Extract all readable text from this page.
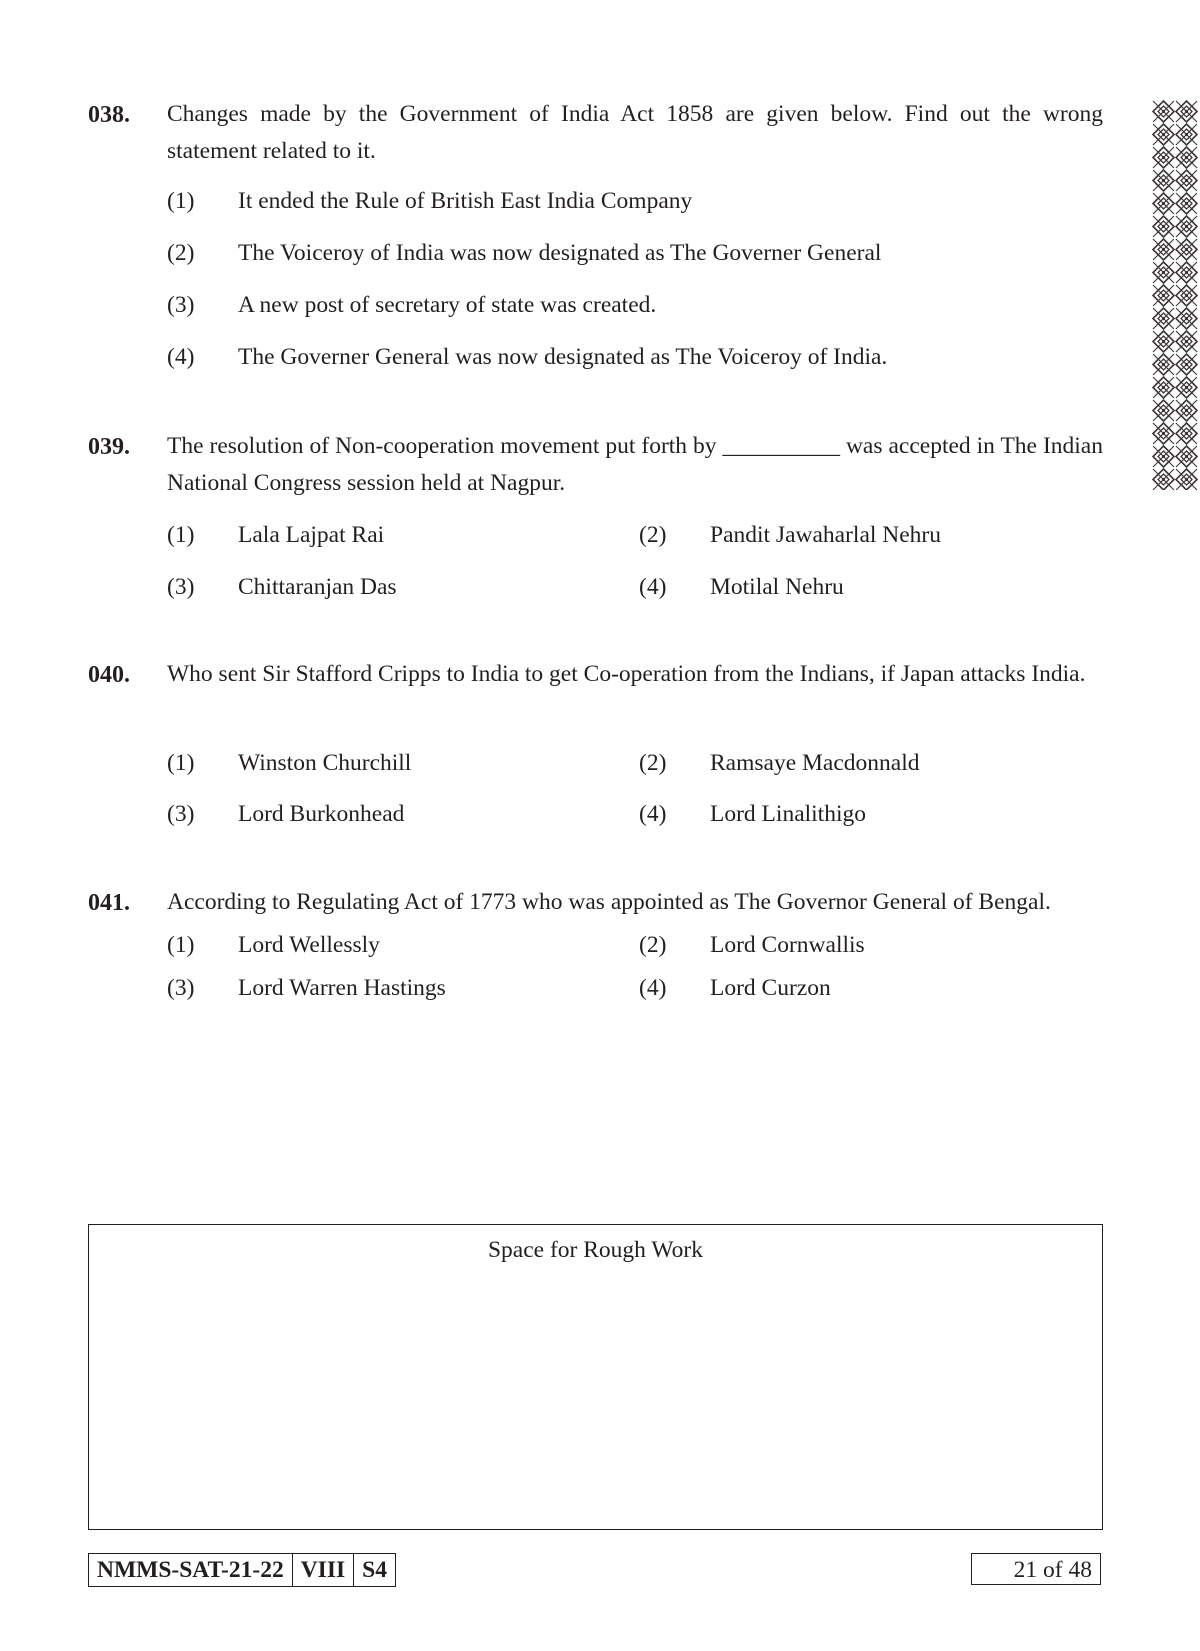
038. Changes made by the Government of India Act 1858 are given below. Find out the wrong statement related to it.
(1) It ended the Rule of British East India Company
(2) The Voiceroy of India was now designated as The Governer General
(3) A new post of secretary of state was created.
(4) The Governer General was now designated as The Voiceroy of India.
039. The resolution of Non-cooperation movement put forth by __________ was accepted in The Indian National Congress session held at Nagpur.
(1) Lala Lajpat Rai	(2) Pandit Jawaharlal Nehru
(3) Chittaranjan Das	(4) Motilal Nehru
040. Who sent Sir Stafford Cripps to India to get Co-operation from the Indians, if Japan attacks India.
(1) Winston Churchill	(2) Ramsaye Macdonnald
(3) Lord Burkonhead	(4) Lord Linalithigo
041. According to Regulating Act of 1773 who was appointed as The Governor General of Bengal.
(1) Lord Wellessly	(2) Lord Cornwallis
(3) Lord Warren Hastings	(4) Lord Curzon
Space for Rough Work
NMMS-SAT-21-22 VIII S4	21 of 48
